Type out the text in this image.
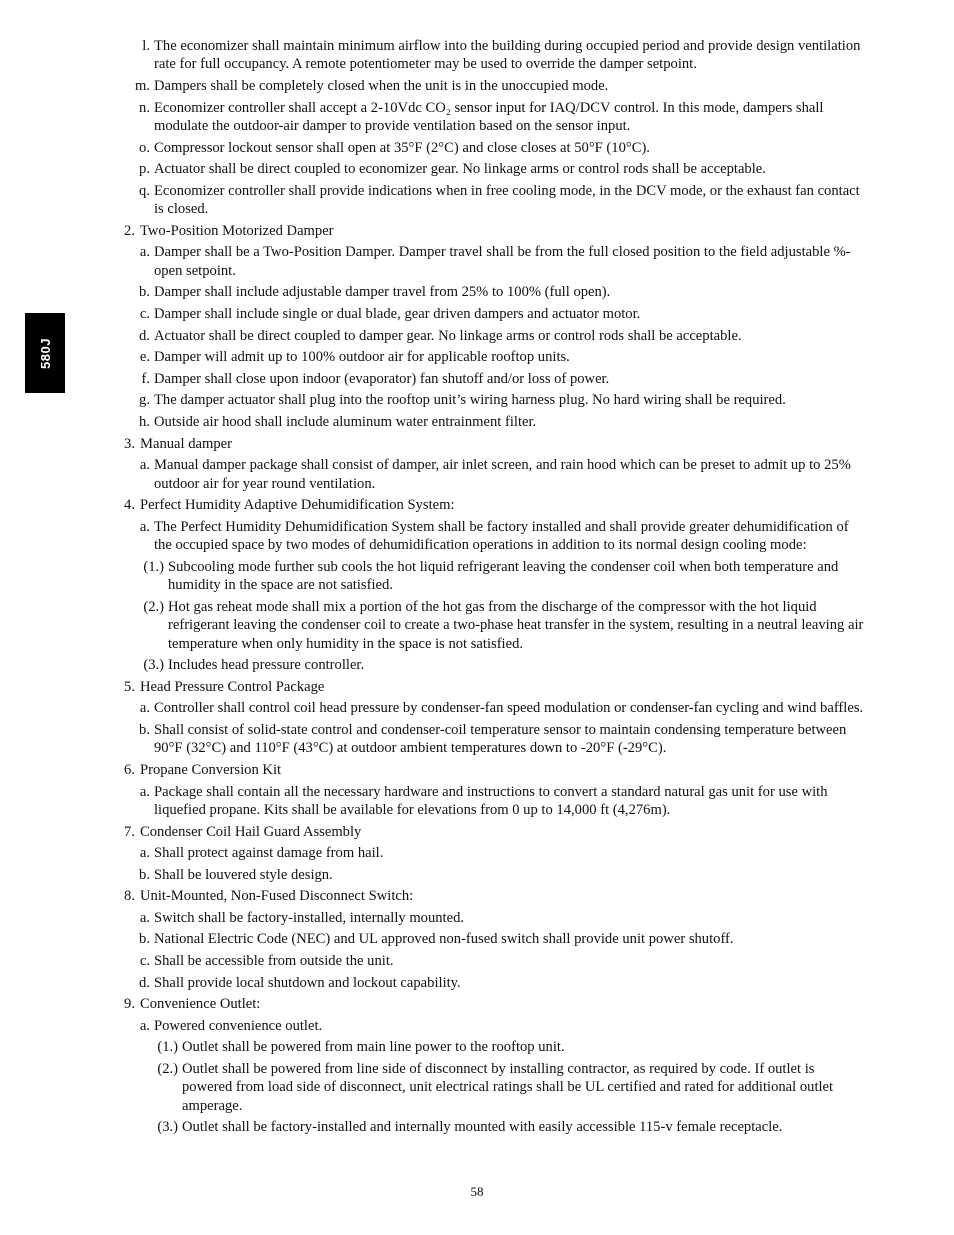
580J
l. The economizer shall maintain minimum airflow into the building during occupied period and provide design ventilation rate for full occupancy. A remote potentiometer may be used to override the damper setpoint.
m. Dampers shall be completely closed when the unit is in the unoccupied mode.
n. Economizer controller shall accept a 2-10Vdc CO₂ sensor input for IAQ/DCV control. In this mode, dampers shall modulate the outdoor-air damper to provide ventilation based on the sensor input.
o. Compressor lockout sensor shall open at 35°F (2°C) and close closes at 50°F (10°C).
p. Actuator shall be direct coupled to economizer gear. No linkage arms or control rods shall be acceptable.
q. Economizer controller shall provide indications when in free cooling mode, in the DCV mode, or the exhaust fan contact is closed.
2. Two-Position Motorized Damper
a. Damper shall be a Two-Position Damper. Damper travel shall be from the full closed position to the field adjustable %-open setpoint.
b. Damper shall include adjustable damper travel from 25% to 100% (full open).
c. Damper shall include single or dual blade, gear driven dampers and actuator motor.
d. Actuator shall be direct coupled to damper gear. No linkage arms or control rods shall be acceptable.
e. Damper will admit up to 100% outdoor air for applicable rooftop units.
f. Damper shall close upon indoor (evaporator) fan shutoff and/or loss of power.
g. The damper actuator shall plug into the rooftop unit’s wiring harness plug. No hard wiring shall be required.
h. Outside air hood shall include aluminum water entrainment filter.
3. Manual damper
a. Manual damper package shall consist of damper, air inlet screen, and rain hood which can be preset to admit up to 25% outdoor air for year round ventilation.
4. Perfect Humidity Adaptive Dehumidification System:
a. The Perfect Humidity Dehumidification System shall be factory installed and shall provide greater dehumidification of the occupied space by two modes of dehumidification operations in addition to its normal design cooling mode:
(1.) Subcooling mode further sub cools the hot liquid refrigerant leaving the condenser coil when both temperature and humidity in the space are not satisfied.
(2.) Hot gas reheat mode shall mix a portion of the hot gas from the discharge of the compressor with the hot liquid refrigerant leaving the condenser coil to create a two-phase heat transfer in the system, resulting in a neutral leaving air temperature when only humidity in the space is not satisfied.
(3.) Includes head pressure controller.
5. Head Pressure Control Package
a. Controller shall control coil head pressure by condenser-fan speed modulation or condenser-fan cycling and wind baffles.
b. Shall consist of solid-state control and condenser-coil temperature sensor to maintain condensing temperature between 90°F (32°C) and 110°F (43°C) at outdoor ambient temperatures down to -20°F (-29°C).
6. Propane Conversion Kit
a. Package shall contain all the necessary hardware and instructions to convert a standard natural gas unit for use with liquefied propane. Kits shall be available for elevations from 0 up to 14,000 ft (4,276m).
7. Condenser Coil Hail Guard Assembly
a. Shall protect against damage from hail.
b. Shall be louvered style design.
8. Unit-Mounted, Non-Fused Disconnect Switch:
a. Switch shall be factory-installed, internally mounted.
b. National Electric Code (NEC) and UL approved non-fused switch shall provide unit power shutoff.
c. Shall be accessible from outside the unit.
d. Shall provide local shutdown and lockout capability.
9. Convenience Outlet:
a. Powered convenience outlet.
(1.) Outlet shall be powered from main line power to the rooftop unit.
(2.) Outlet shall be powered from line side of disconnect by installing contractor, as required by code. If outlet is powered from load side of disconnect, unit electrical ratings shall be UL certified and rated for additional outlet amperage.
(3.) Outlet shall be factory-installed and internally mounted with easily accessible 115-v female receptacle.
58
